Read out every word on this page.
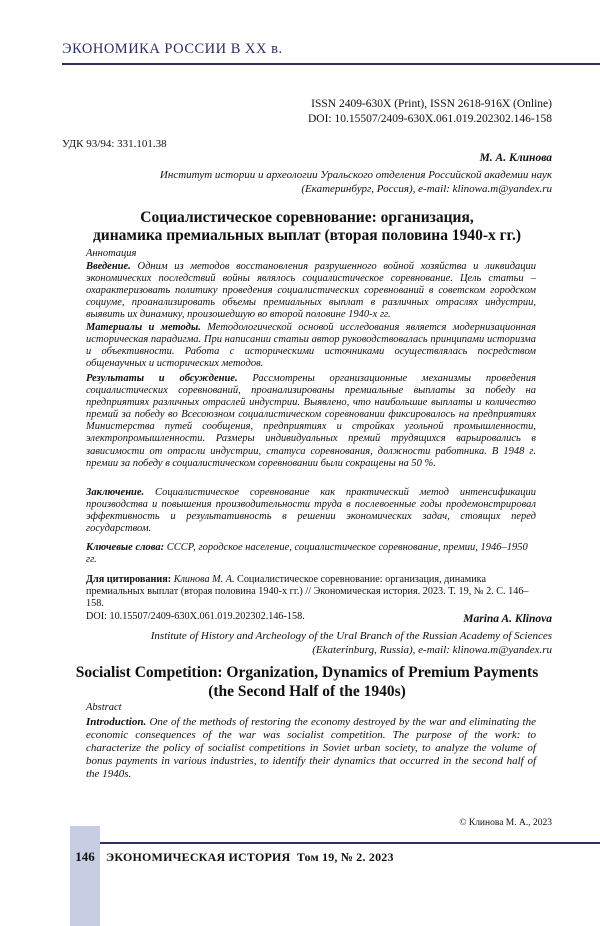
ЭКОНОМИКА РОССИИ В XX в.
ISSN 2409-630X (Print), ISSN 2618-916X (Online)
DOI: 10.15507/2409-630X.061.019.202302.146-158
УДК 93/94: 331.101.38
М. А. Клинова
Институт истории и археологии Уральского отделения Российской академии наук
(Екатеринбург, Россия), e-mail: klinowa.m@yandex.ru
Социалистическое соревнование: организация,
динамика премиальных выплат (вторая половина 1940-х гг.)
Аннотация
Введение. Одним из методов восстановления разрушенного войной хозяйства и ликвидации экономических последствий войны являлось социалистическое соревнование. Цель статьи – охарактеризовать политику проведения социалистических соревнований в советском городском социуме, проанализировать объемы премиальных выплат в различных отраслях индустрии, выявить их динамику, произошедшую во второй половине 1940-х гг.
Материалы и методы. Методологической основой исследования является модернизационная историческая парадигма. При написании статьи автор руководствовалась принципами историзма и объективности. Работа с историческими источниками осуществлялась посредством общенаучных и исторических методов.
Результаты и обсуждение. Рассмотрены организационные механизмы проведения социалистических соревнований, проанализированы премиальные выплаты за победу на предприятиях различных отраслей индустрии. Выявлено, что наибольшие выплаты и количество премий за победу во Всесоюзном социалистическом соревновании фиксировалось на предприятиях Министерства путей сообщения, предприятиях и стройках угольной промышленности, электропромышленности. Размеры индивидуальных премий трудящихся варьировались в зависимости от отрасли индустрии, статуса соревнования, должности работника. В 1948 г. премии за победу в социалистическом соревновании были сокращены на 50 %.
Заключение. Социалистическое соревнование как практический метод интенсификации производства и повышения производительности труда в послевоенные годы продемонстрировал эффективность и результативность в решении экономических задач, стоящих перед государством.
Ключевые слова: СССР, городское население, социалистическое соревнование, премии, 1946–1950 гг.
Для цитирования: Клинова М. А. Социалистическое соревнование: организация, динамика премиальных выплат (вторая половина 1940-х гг.) // Экономическая история. 2023. Т. 19, № 2. С. 146–158.
DOI: 10.15507/2409-630X.061.019.202302.146-158.	Marina A. Klinova
Institute of History and Archeology of the Ural Branch of the Russian Academy of Sciences
(Ekaterinburg, Russia), e-mail: klinowa.m@yandex.ru
Socialist Competition: Organization, Dynamics of Premium Payments
(the Second Half of the 1940s)
Abstract
Introduction. One of the methods of restoring the economy destroyed by the war and eliminating the economic consequences of the war was socialist competition. The purpose of the work: to characterize the policy of socialist competitions in Soviet urban society, to analyze the volume of bonus payments in various industries, to identify their dynamics that occurred in the second half of the 1940s.
© Клинова М. А., 2023
146 ЭКОНОМИЧЕСКАЯ ИСТОРИЯ  Том 19, № 2. 2023
